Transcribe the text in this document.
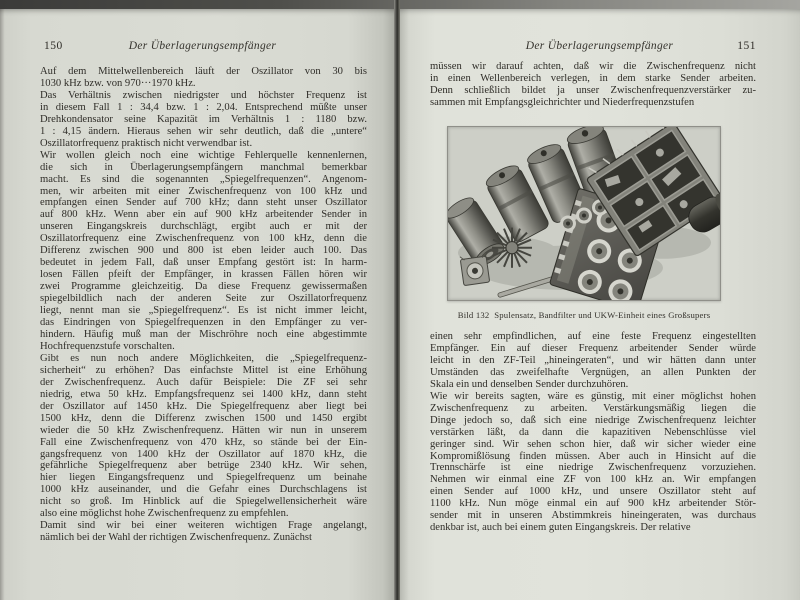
150	Der Überlagerungsempfänger
Auf dem Mittelwellenbereich läuft der Oszillator von 30 bis
1030 kHz bzw. von 970···1970 kHz.
Das Verhältnis zwischen niedrigster und höchster Frequenz ist
in diesem Fall 1 : 34,4 bzw. 1 : 2,04. Entsprechend müßte unser
Drehkondensator seine Kapazität im Verhältnis 1 : 1180 bzw.
1 : 4,15 ändern. Hieraus sehen wir sehr deutlich, daß die „untere“
Oszillatorfrequenz praktisch nicht verwendbar ist.
Wir wollen gleich noch eine wichtige Fehlerquelle kennenlernen,
die sich in Überlagerungsempfängern manchmal bemerkbar
macht. Es sind die sogenannten „Spiegelfrequenzen“. Angenom-
men, wir arbeiten mit einer Zwischenfrequenz von 100 kHz und
empfangen einen Sender auf 700 kHz; dann steht unser Oszillator
auf 800 kHz. Wenn aber ein auf 900 kHz arbeitender Sender in
unseren Eingangskreis durchschlägt, ergibt auch er mit der
Oszillatorfrequenz eine Zwischenfrequenz von 100 kHz, denn die
Differenz zwischen 900 und 800 ist eben leider auch 100. Das
bedeutet in jedem Fall, daß unser Empfang gestört ist: In harm-
losen Fällen pfeift der Empfänger, in krassen Fällen hören wir
zwei Programme gleichzeitig. Da diese Frequenz gewissermaßen
spiegelbildlich nach der anderen Seite zur Oszillatorfrequenz
liegt, nennt man sie „Spiegelfrequenz“. Es ist nicht immer leicht,
das Eindringen von Spiegelfrequenzen in den Empfänger zu ver-
hindern. Häufig muß man der Mischröhre noch eine abgestimmte
Hochfrequenzstufe vorschalten.
Gibt es nun noch andere Möglichkeiten, die „Spiegelfrequenz-
sicherheit“ zu erhöhen? Das einfachste Mittel ist eine Erhöhung
der Zwischenfrequenz. Auch dafür Beispiele: Die ZF sei sehr
niedrig, etwa 50 kHz. Empfangsfrequenz sei 1400 kHz, dann steht
der Oszillator auf 1450 kHz. Die Spiegelfrequenz aber liegt bei
1500 kHz, denn die Differenz zwischen 1500 und 1450 ergibt
wieder die 50 kHz Zwischenfrequenz. Hätten wir nun in unserem
Fall eine Zwischenfrequenz von 470 kHz, so stände bei der Ein-
gangsfrequenz von 1400 kHz der Oszillator auf 1870 kHz, die
gefährliche Spiegelfrequenz aber betrüge 2340 kHz. Wir sehen,
hier liegen Eingangsfrequenz und Spiegelfrequenz um beinahe
1000 kHz auseinander, und die Gefahr eines Durchschlagens ist
nicht so groß. Im Hinblick auf die Spiegelwellensicherheit wäre
also eine möglichst hohe Zwischenfrequenz zu empfehlen.
Damit sind wir bei einer weiteren wichtigen Frage angelangt,
nämlich bei der Wahl der richtigen Zwischenfrequenz. Zunächst
Der Überlagerungsempfänger	151
müssen wir darauf achten, daß wir die Zwischenfrequenz nicht
in einen Wellenbereich verlegen, in dem starke Sender arbeiten.
Denn schließlich bildet ja unser Zwischenfrequenzverstärker zu-
sammen mit Empfangsgleichrichter und Niederfrequenzstufen
Bild 132  Spulensatz, Bandfilter und UKW-Einheit eines Großsupers
einen sehr empfindlichen, auf eine feste Frequenz eingestellten
Empfänger. Ein auf dieser Frequenz arbeitender Sender würde
leicht in den ZF-Teil „hineingeraten“, und wir hätten dann unter
Umständen das zweifelhafte Vergnügen, an allen Punkten der
Skala ein und denselben Sender durchzuhören.
Wie wir bereits sagten, wäre es günstig, mit einer möglichst hohen
Zwischenfrequenz zu arbeiten. Verstärkungsmäßig liegen die
Dinge jedoch so, daß sich eine niedrige Zwischenfrequenz leichter
verstärken läßt, da dann die kapazitiven Nebenschlüsse viel
geringer sind. Wir sehen schon hier, daß wir sicher wieder eine
Kompromißlösung finden müssen. Aber auch in Hinsicht auf die
Trennschärfe ist eine niedrige Zwischenfrequenz vorzuziehen.
Nehmen wir einmal eine ZF von 100 kHz an. Wir empfangen
einen Sender auf 1000 kHz, und unsere Oszillator steht auf
1100 kHz. Nun möge einmal ein auf 900 kHz arbeitender Stör-
sender mit in unseren Abstimmkreis hineingeraten, was durchaus
denkbar ist, auch bei einem guten Eingangskreis. Der relative
